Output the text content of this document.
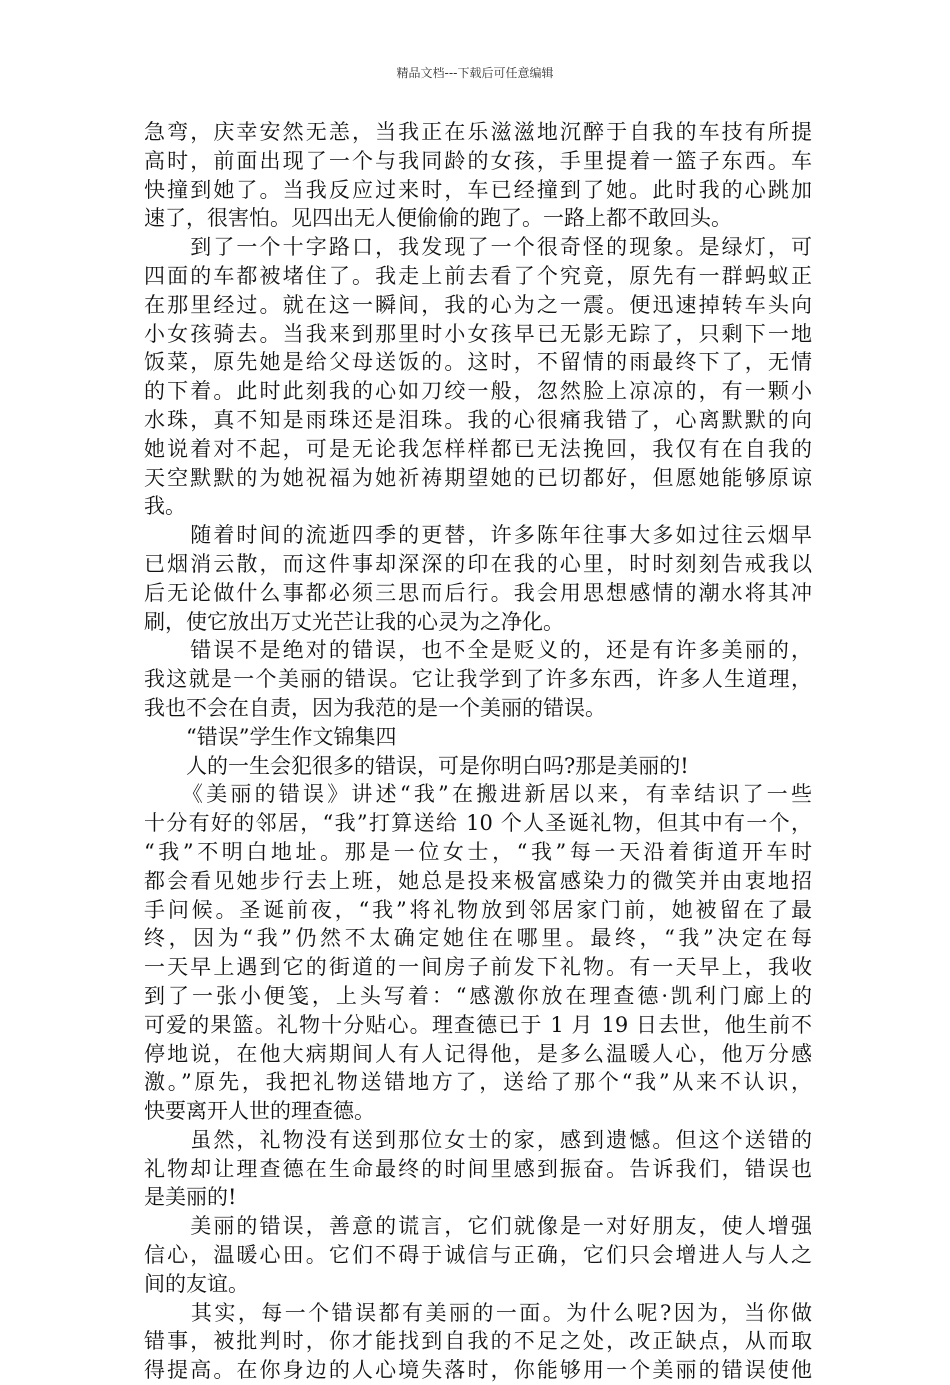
精品文档---下载后可任意编辑
急弯，庆幸安然无恙，当我正在乐滋滋地沉醉于自我的车技有所提
高时，前面出现了一个与我同龄的女孩，手里提着一篮子东西。车
快撞到她了。当我反应过来时，车已经撞到了她。此时我的心跳加
速了，很害怕。见四出无人便偷偷的跑了。一路上都不敢回头。
　　到了一个十字路口，我发现了一个很奇怪的现象。是绿灯，可
四面的车都被堵住了。我走上前去看了个究竟，原先有一群蚂蚁正
在那里经过。就在这一瞬间，我的心为之一震。便迅速掉转车头向
小女孩骑去。当我来到那里时小女孩早已无影无踪了，只剩下一地
饭菜，原先她是给父母送饭的。这时，不留情的雨最终下了，无情
的下着。此时此刻我的心如刀绞一般，忽然脸上凉凉的，有一颗小
水珠，真不知是雨珠还是泪珠。我的心很痛我错了，心离默默的向
她说着对不起，可是无论我怎样样都已无法挽回，我仅有在自我的
天空默默的为她祝福为她祈祷期望她的已切都好，但愿她能够原谅
我。
　　随着时间的流逝四季的更替，许多陈年往事大多如过往云烟早
已烟消云散，而这件事却深深的印在我的心里，时时刻刻告戒我以
后无论做什么事都必须三思而后行。我会用思想感情的潮水将其冲
刷，使它放出万丈光芒让我的心灵为之净化。
　　错误不是绝对的错误，也不全是贬义的，还是有许多美丽的，
我这就是一个美丽的错误。它让我学到了许多东西，许多人生道理，
我也不会在自责，因为我范的是一个美丽的错误。
　　“错误”学生作文锦集四
　　人的一生会犯很多的错误，可是你明白吗?那是美丽的!
　　《美丽的错误》讲述“我”在搬进新居以来，有幸结识了一些
十分有好的邻居，“我”打算送给 10 个人圣诞礼物，但其中有一个，
“我”不明白地址。那是一位女士，“我”每一天沿着街道开车时
都会看见她步行去上班，她总是投来极富感染力的微笑并由衷地招
手问候。圣诞前夜，“我”将礼物放到邻居家门前，她被留在了最
终，因为“我”仍然不太确定她住在哪里。最终，“我”决定在每
一天早上遇到它的街道的一间房子前发下礼物。有一天早上，我收
到了一张小便笺，上头写着：“感激你放在理查德·凯利门廊上的
可爱的果篮。礼物十分贴心。理查德已于 1 月 19 日去世，他生前不
停地说，在他大病期间人有人记得他，是多么温暖人心，他万分感
激。”原先，我把礼物送错地方了，送给了那个“我”从来不认识，
快要离开人世的理查德。
　　虽然，礼物没有送到那位女士的家，感到遗憾。但这个送错的
礼物却让理查德在生命最终的时间里感到振奋。告诉我们，错误也
是美丽的!
　　美丽的错误，善意的谎言，它们就像是一对好朋友，使人增强
信心，温暖心田。它们不碍于诚信与正确，它们只会增进人与人之
间的友谊。
　　其实，每一个错误都有美丽的一面。为什么呢?因为，当你做
错事，被批判时，你才能找到自我的不足之处，改正缺点，从而取
得提高。在你身边的人心境失落时，你能够用一个美丽的错误使他
